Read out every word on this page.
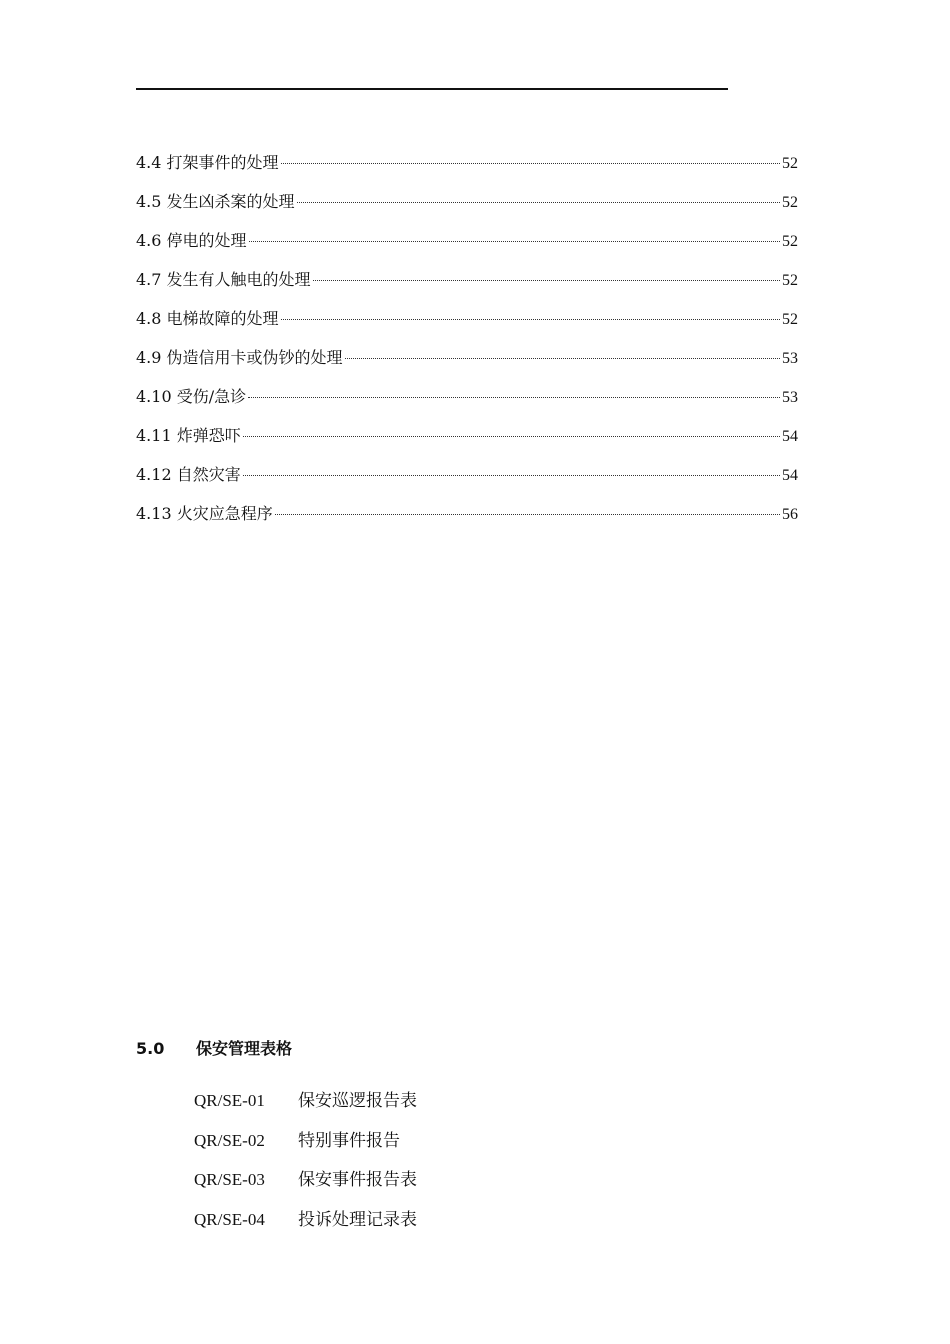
4.4 打架事件的处理	52
4.5 发生凶杀案的处理	52
4.6 停电的处理	52
4.7 发生有人触电的处理	52
4.8 电梯故障的处理	52
4.9 伪造信用卡或伪钞的处理	53
4.10 受伤/急诊	53
4.11 炸弹恐吓	54
4.12 自然灾害	54
4.13 火灾应急程序	56
5.0	保安管理表格
QR/SE-01	保安巡逻报告表
QR/SE-02	特别事件报告
QR/SE-03	保安事件报告表
QR/SE-04	投诉处理记录表
